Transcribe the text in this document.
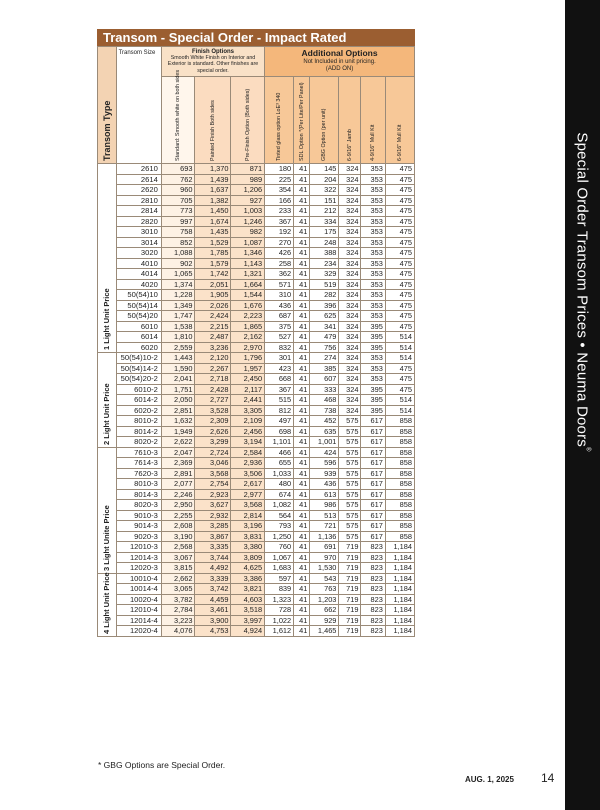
Special Order Transom Prices • Neuma Doors®
Transom - Special Order - Impact Rated
Transom Type	Transom Size	Finish Options
Smooth White Finish on Interior and Exterior is standard. Other finishes are special order.			Additional Options
Not Included in unit pricing.
(ADD ON)					

		Standard: Smooth white on both sides	Painted Finish Both sides	Pre-Finish Option (Both sides)	Tinted glass option LoE³ 340	SDL Option *(Per Lite/Per Panel)	GBG Option (per unit)	6-9/16" Jamb	4-9/16" Mull Kit	6-9/16" Mull Kit

1 Light Unit Price	2610	693	1,370	871	180	41	145	324	353	475
	2614	762	1,439	989	225	41	204	324	353	475
	2620	960	1,637	1,206	354	41	322	324	353	475
	2810	705	1,382	927	166	41	151	324	353	475
	2814	773	1,450	1,003	233	41	212	324	353	475
	2820	997	1,674	1,246	367	41	334	324	353	475
	3010	758	1,435	982	192	41	175	324	353	475
	3014	852	1,529	1,087	270	41	248	324	353	475
	3020	1,088	1,785	1,346	426	41	388	324	353	475
	4010	902	1,579	1,143	258	41	234	324	353	475
	4014	1,065	1,742	1,321	362	41	329	324	353	475
	4020	1,374	2,051	1,664	571	41	519	324	353	475
	50(54)10	1,228	1,905	1,544	310	41	282	324	353	475
	50(54)14	1,349	2,026	1,676	436	41	396	324	353	475
	50(54)20	1,747	2,424	2,223	687	41	625	324	353	475
	6010	1,538	2,215	1,865	375	41	341	324	395	475
	6014	1,810	2,487	2,162	527	41	479	324	395	514
	6020	2,559	3,236	2,970	832	41	756	324	395	514

2 Light Unit Price	50(54)10-2	1,443	2,120	1,796	301	41	274	324	353	514
	50(54)14-2	1,590	2,267	1,957	423	41	385	324	353	475
	50(54)20-2	2,041	2,718	2,450	668	41	607	324	353	475
	6010-2	1,751	2,428	2,117	367	41	333	324	395	475
	6014-2	2,050	2,727	2,441	515	41	468	324	395	514
	6020-2	2,851	3,528	3,305	812	41	738	324	395	514
	8010-2	1,632	2,309	2,109	497	41	452	575	617	858
	8014-2	1,949	2,626	2,456	698	41	635	575	617	858
	8020-2	2,622	3,299	3,194	1,101	41	1,001	575	617	858

3 Light Unite Price	7610-3	2,047	2,724	2,584	466	41	424	575	617	858
	7614-3	2,369	3,046	2,936	655	41	596	575	617	858
	7620-3	2,891	3,568	3,506	1,033	41	939	575	617	858
	8010-3	2,077	2,754	2,617	480	41	436	575	617	858
	8014-3	2,246	2,923	2,977	674	41	613	575	617	858
	8020-3	2,950	3,627	3,568	1,082	41	986	575	617	858
	9010-3	2,255	2,932	2,814	564	41	513	575	617	858
	9014-3	2,608	3,285	3,196	793	41	721	575	617	858
	9020-3	3,190	3,867	3,831	1,250	41	1,136	575	617	858
	12010-3	2,568	3,335	3,380	760	41	691	719	823	1,184
	12014-3	3,067	3,744	3,809	1,067	41	970	719	823	1,184
	12020-3	3,815	4,492	4,625	1,683	41	1,530	719	823	1,184

4 Light Unit Price	10010-4	2,662	3,339	3,386	597	41	543	719	823	1,184
	10014-4	3,065	3,742	3,821	839	41	763	719	823	1,184
	10020-4	3,782	4,459	4,603	1,323	41	1,203	719	823	1,184
	12010-4	2,784	3,461	3,518	728	41	662	719	823	1,184
	12014-4	3,223	3,900	3,997	1,022	41	929	719	823	1,184
	12020-4	4,076	4,753	4,924	1,612	41	1,465	719	823	1,184
* GBG Options are Special Order.
AUG. 1, 2025 14
